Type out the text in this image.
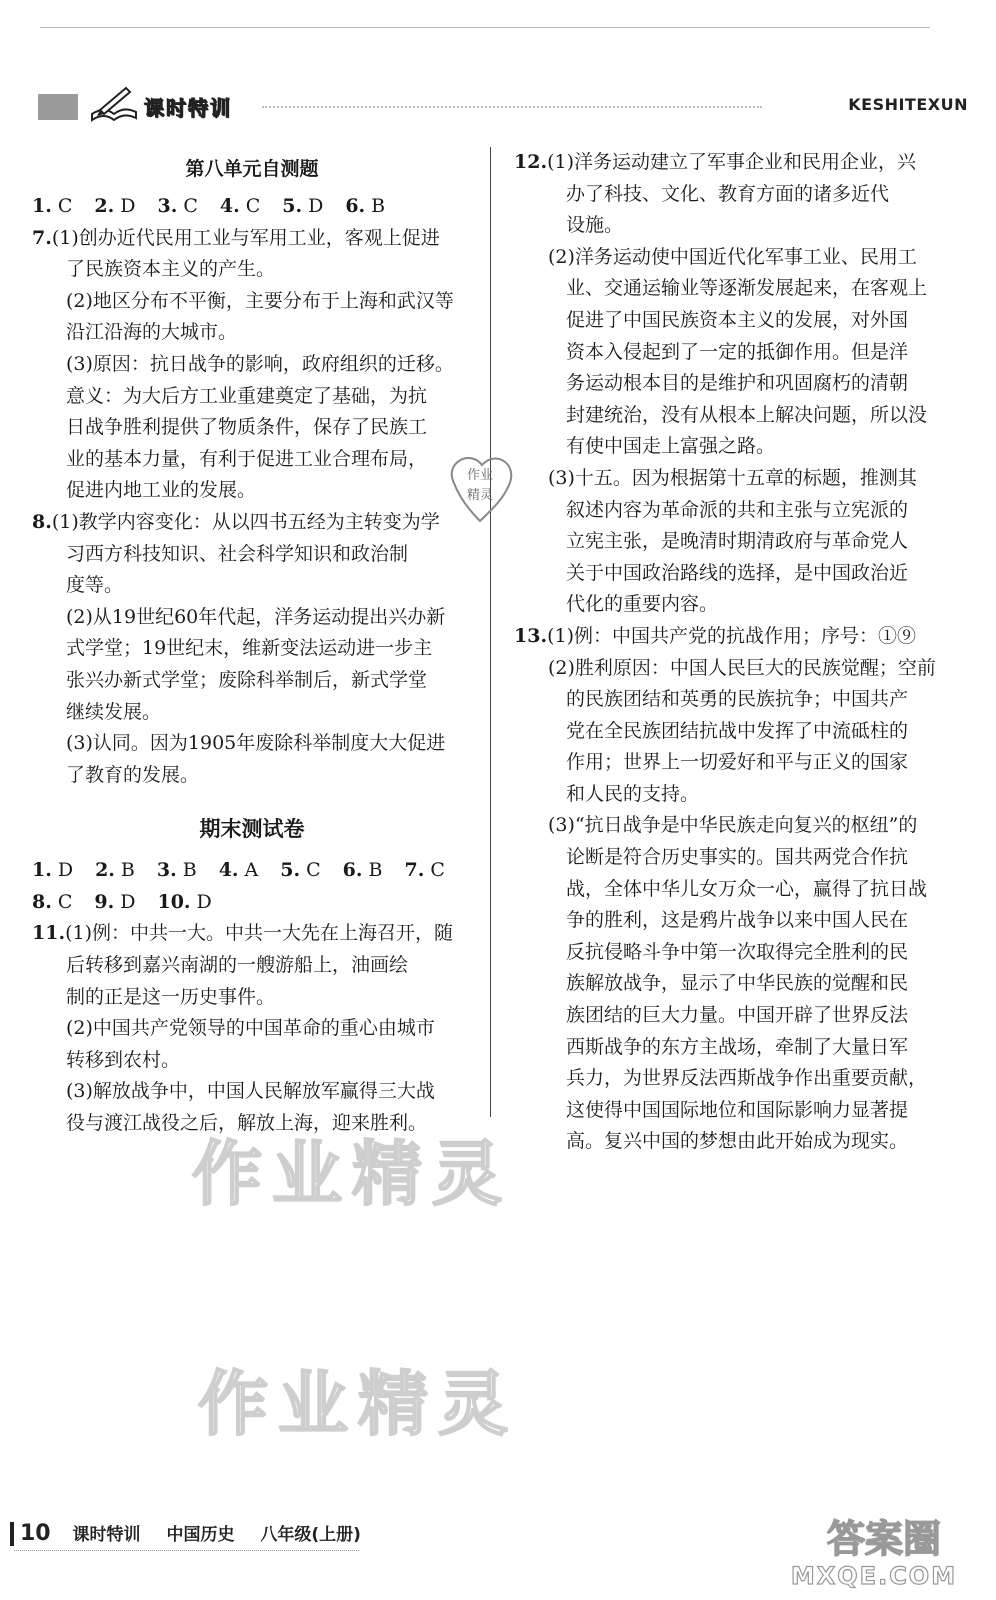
课时特训	KESHITEXUN
第八单元自测题
1. C 2. D 3. C 4. C 5. D 6. B
7.(1)创办近代民用工业与军用工业，客观上促进
了民族资本主义的产生。
(2)地区分布不平衡，主要分布于上海和武汉等
沿江沿海的大城市。
(3)原因：抗日战争的影响，政府组织的迁移。
意义：为大后方工业重建奠定了基础，为抗
日战争胜利提供了物质条件，保存了民族工
业的基本力量，有利于促进工业合理布局，
促进内地工业的发展。
8.(1)教学内容变化：从以四书五经为主转变为学
习西方科技知识、社会科学知识和政治制
度等。
(2)从19世纪60年代起，洋务运动提出兴办新
式学堂；19世纪末，维新变法运动进一步主
张兴办新式学堂；废除科举制后，新式学堂
继续发展。
(3)认同。因为1905年废除科举制度大大促进
了教育的发展。
期末测试卷
1. D 2. B 3. B 4. A 5. C 6. B 7. C
8. C 9. D 10. D
11.(1)例：中共一大。中共一大先在上海召开，随
后转移到嘉兴南湖的一艘游船上，油画绘
制的正是这一历史事件。
(2)中国共产党领导的中国革命的重心由城市
转移到农村。
(3)解放战争中，中国人民解放军赢得三大战
役与渡江战役之后，解放上海，迎来胜利。
12.(1)洋务运动建立了军事企业和民用企业，兴
办了科技、文化、教育方面的诸多近代
设施。
(2)洋务运动使中国近代化军事工业、民用工
业、交通运输业等逐渐发展起来，在客观上
促进了中国民族资本主义的发展，对外国
资本入侵起到了一定的抵御作用。但是洋
务运动根本目的是维护和巩固腐朽的清朝
封建统治，没有从根本上解决问题，所以没
有使中国走上富强之路。
(3)十五。因为根据第十五章的标题，推测其
叙述内容为革命派的共和主张与立宪派的
立宪主张，是晚清时期清政府与革命党人
关于中国政治路线的选择，是中国政治近
代化的重要内容。
13.(1)例：中国共产党的抗战作用；序号：①⑨
(2)胜利原因：中国人民巨大的民族觉醒；空前
的民族团结和英勇的民族抗争；中国共产
党在全民族团结抗战中发挥了中流砥柱的
作用；世界上一切爱好和平与正义的国家
和人民的支持。
(3)“抗日战争是中华民族走向复兴的枢纽”的
论断是符合历史事实的。国共两党合作抗
战，全体中华儿女万众一心，赢得了抗日战
争的胜利，这是鸦片战争以来中国人民在
反抗侵略斗争中第一次取得完全胜利的民
族解放战争，显示了中华民族的觉醒和民
族团结的巨大力量。中国开辟了世界反法
西斯战争的东方主战场，牵制了大量日军
兵力，为世界反法西斯战争作出重要贡献，
这使得中国国际地位和国际影响力显著提
高。复兴中国的梦想由此开始成为现实。
作业
精灵
作业精灵
作业精灵
10 课时特训 中国历史 八年级(上册)	答案圈
MXQE.COM
